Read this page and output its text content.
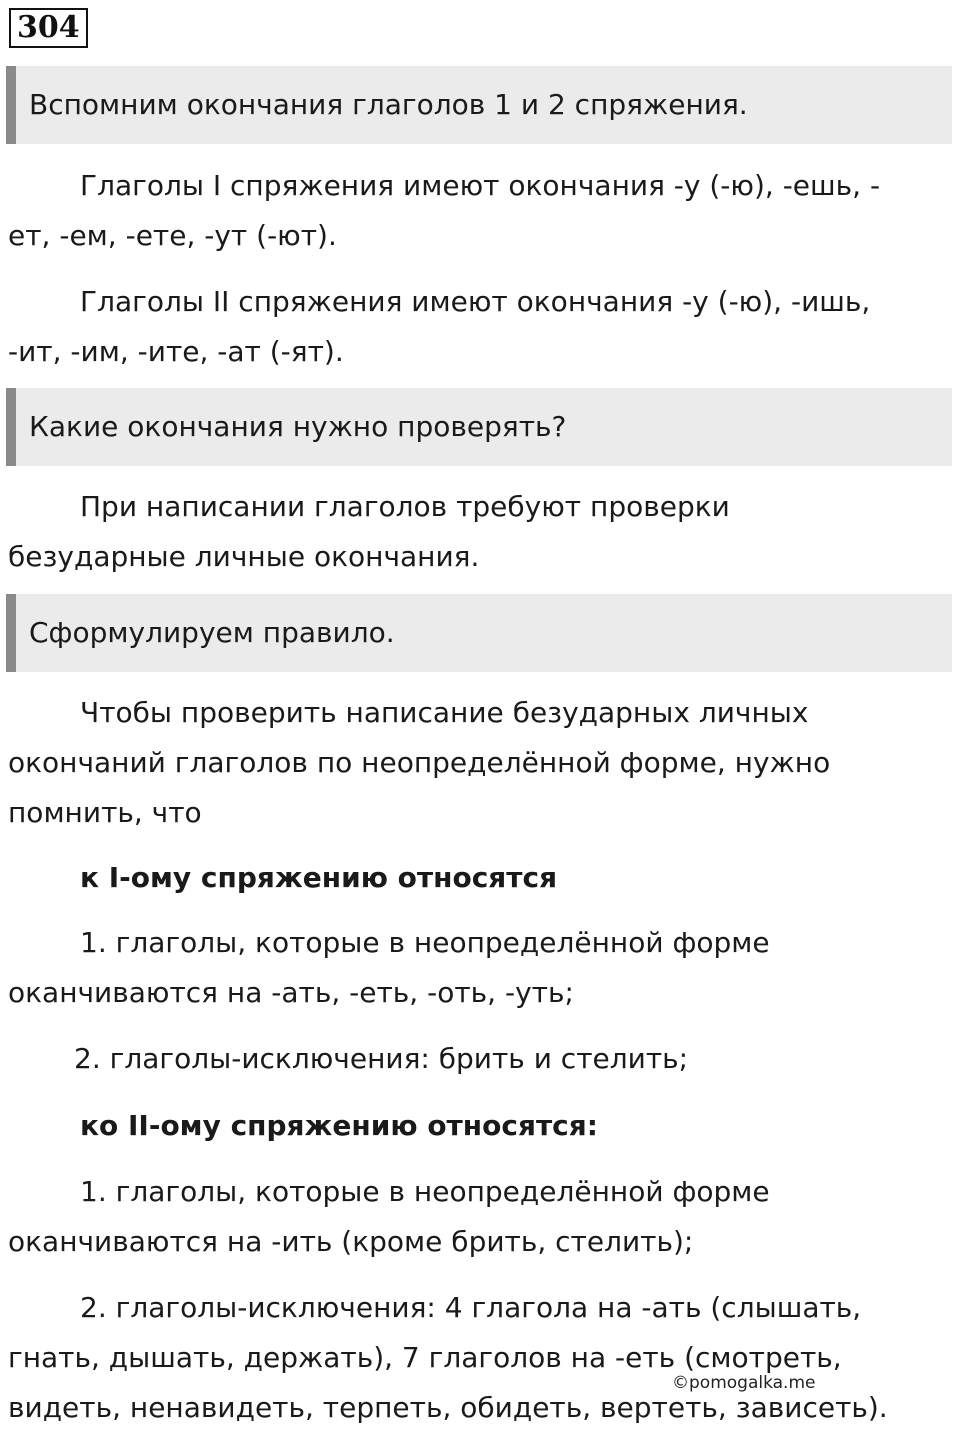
304
Вспомним окончания глаголов 1 и 2 спряжения.
Глаголы I спряжения имеют окончания -у (-ю), -ешь, -
ет, -ем, -ете, -ут (-ют).
Глаголы II спряжения имеют окончания -у (-ю), -ишь,
-ит, -им, -ите, -ат (-ят).
Какие окончания нужно проверять?
При написании глаголов требуют проверки
безударные личные окончания.
Сформулируем правило.
Чтобы проверить написание безударных личных
окончаний глаголов по неопределённой форме, нужно
помнить, что
к I-ому спряжению относятся
1. глаголы, которые в неопределённой форме
оканчиваются на -ать, -еть, -оть, -уть;
2. глаголы-исключения: брить и стелить;
ко II-ому спряжению относятся:
1. глаголы, которые в неопределённой форме
оканчиваются на -ить (кроме брить, стелить);
2. глаголы-исключения: 4 глагола на -ать (слышать,
гнать, дышать, держать), 7 глаголов на -еть (смотреть,
видеть, ненавидеть, терпеть, обидеть, вертеть, зависеть).
©pomogalka.me
